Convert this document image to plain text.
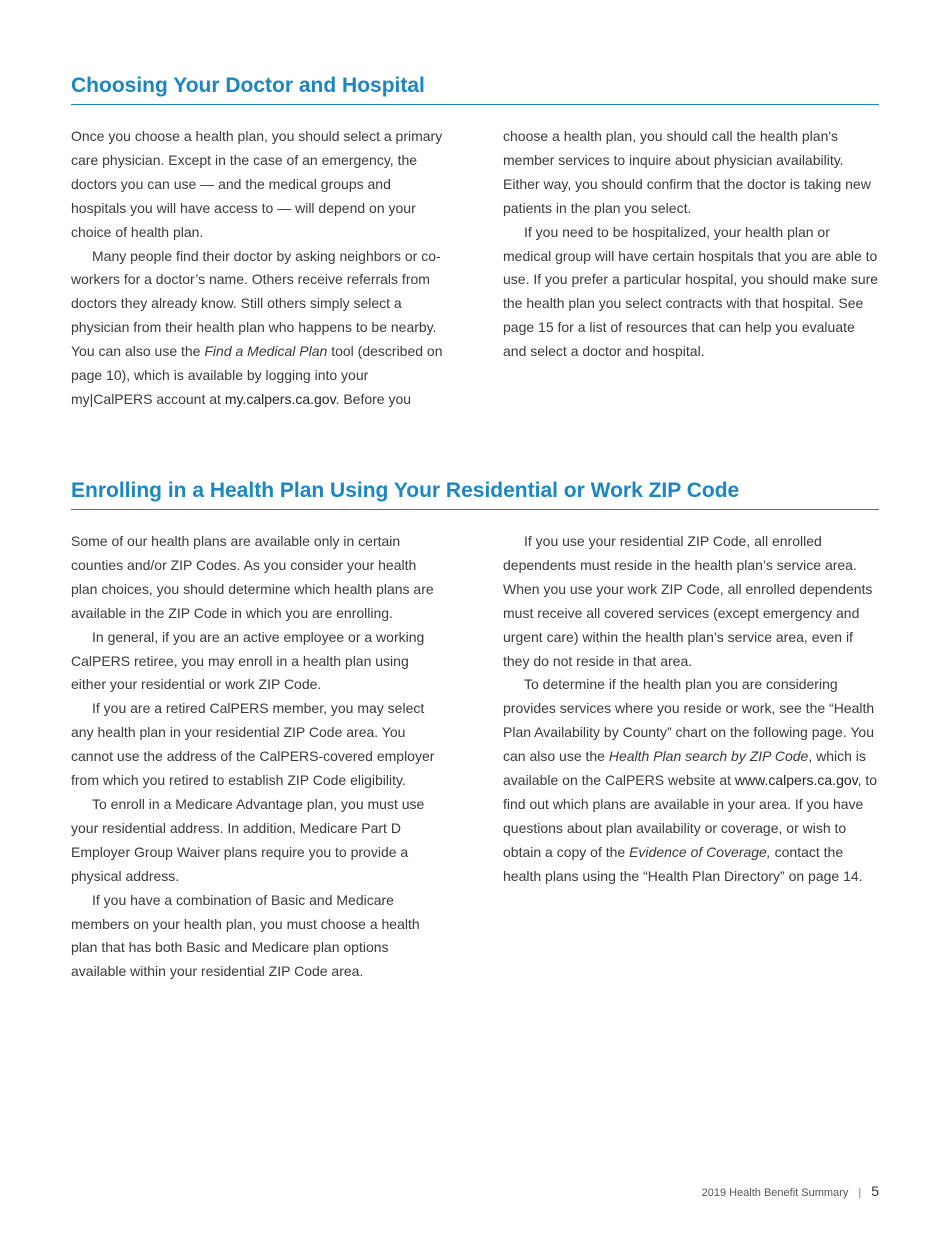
Choosing Your Doctor and Hospital

Once you choose a health plan, you should select a primary care physician. Except in the case of an emergency, the doctors you can use — and the medical groups and hospitals you will have access to — will depend on your choice of health plan.

Many people find their doctor by asking neighbors or co-workers for a doctor’s name. Others receive referrals from doctors they already know. Still others simply select a physician from their health plan who happens to be nearby. You can also use the Find a Medical Plan tool (described on page 10), which is available by logging into your my|CalPERS account at my.calpers.ca.gov. Before you

choose a health plan, you should call the health plan's member services to inquire about physician availability. Either way, you should confirm that the doctor is taking new patients in the plan you select.

If you need to be hospitalized, your health plan or medical group will have certain hospitals that you are able to use. If you prefer a particular hospital, you should make sure the health plan you select contracts with that hospital. See page 15 for a list of resources that can help you evaluate and select a doctor and hospital.

Enrolling in a Health Plan Using Your Residential or Work ZIP Code

Some of our health plans are available only in certain counties and/or ZIP Codes. As you consider your health plan choices, you should determine which health plans are available in the ZIP Code in which you are enrolling.

In general, if you are an active employee or a working CalPERS retiree, you may enroll in a health plan using either your residential or work ZIP Code.

If you are a retired CalPERS member, you may select any health plan in your residential ZIP Code area. You cannot use the address of the CalPERS-covered employer from which you retired to establish ZIP Code eligibility.

To enroll in a Medicare Advantage plan, you must use your residential address. In addition, Medicare Part D Employer Group Waiver plans require you to provide a physical address.

If you have a combination of Basic and Medicare members on your health plan, you must choose a health plan that has both Basic and Medicare plan options available within your residential ZIP Code area.

If you use your residential ZIP Code, all enrolled dependents must reside in the health plan’s service area. When you use your work ZIP Code, all enrolled dependents must receive all covered services (except emergency and urgent care) within the health plan’s service area, even if they do not reside in that area.

To determine if the health plan you are considering provides services where you reside or work, see the “Health Plan Availability by County” chart on the following page. You can also use the Health Plan search by ZIP Code, which is available on the CalPERS website at www.calpers.ca.gov, to find out which plans are available in your area. If you have questions about plan availability or coverage, or wish to obtain a copy of the Evidence of Coverage, contact the health plans using the “Health Plan Directory” on page 14.

2019 Health Benefit Summary | 5
